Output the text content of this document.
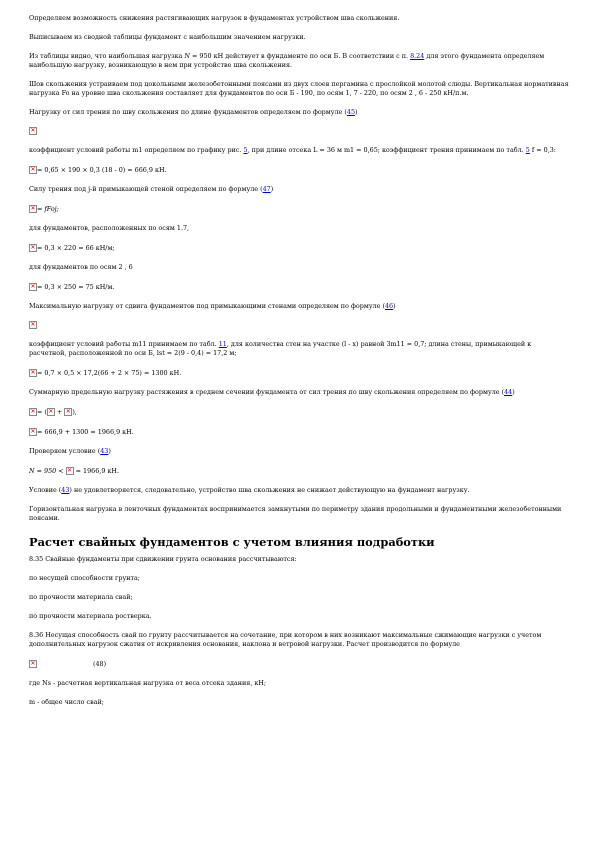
Определяем возможность снижения растягивающих нагрузок в фундаментах устройством шва скольжения.

Выписываем из сводной таблицы фундамент с наибольшим значением нагрузки.

Из таблицы видно, что наибольшая нагрузка N = 950 кН действует в фундаменте по оси Б. В соответствии с п. 8.24 для этого фундамента определяем наибольшую нагрузку, возникающую в нем при устройстве шва скольжения.

Шов скольжения устраиваем под цокольными железобетонными поясами из двух слоев пергамина с прослойкой молотой слюды. Вертикальная нормативная нагрузка Fo на уровне шва скольжения составляет для фундаментов по оси Б - 190, по осям 1, 7 - 220, по осям 2 , 6 - 250 кН/п.м.

Нагрузку от сил трения по шву скольжения по длине фундаментов определяем по формуле (45)

✕

коэффициент условий работы m1 определяем по графику рис. 5, при длине отсека L = 36 м m1 = 0,65; коэффициент трения принимаем по табл. 5 f = 0,3:

✕= 0,65 × 190 × 0,3 (18 - 0) = 666,9 кН.

Силу трения под j-й примыкающей стеной определяем по формуле (47)

✕= fFoj;

для фундаментов, расположенных по осям 1.7,

✕= 0,3 × 220 = 66 кН/м;

для фундаментов по осям 2 , 6

✕= 0,3 × 250 = 75 кН/м.

Максимальную нагрузку от сдвига фундаментов под примыкающими стенами определяем по формуле (46)

✕

коэффициент условий работы m11 принимаем по табл. 11, для количества стен на участке (l - x) равной 3m11 = 0,7; длина стены, примыкающей к расчетной, расположенной по оси Б, lst = 2(9 - 0,4) = 17,2 м;

✕= 0,7 × 0,5 × 17,2(66 + 2 × 75) = 1300 кН.

Суммарную предельную нагрузку растяжения в среднем сечении фундамента от сил трения по шву скольжения определяем по формуле (44)

✕= (✕ + ✕),

✕= 666,9 + 1300 = 1966,9 кН.

Проверяем условие (43)

N = 950 < ✕ = 1966,9 кН.

Условие (43) не удовлетворяется, следовательно, устройство шва скольжения не снижает действующую на фундамент нагрузку.

Горизонтальная нагрузка в ленточных фундаментах воспринимается замкнутыми по периметру здания продольными и фундаментными железобетонными поясами.

Расчет свайных фундаментов с учетом влияния подработки

8.35 Свайные фундаменты при сдвижении грунта основания рассчитываются:

по несущей способности грунта;

по прочности материала свай;

по прочности материала ростверка.

8.36 Несущая способность свай по грунту рассчитывается на сочетание, при котором в них возникают максимальные сжимающие нагрузки с учетом дополнительных нагрузок сжатия от искривления основания, наклона и ветровой нагрузки. Расчет производится по формуле

✕(48)

где Ns - расчетная вертикальная нагрузка от веса отсека здания, кН;

m - общее число свай;
